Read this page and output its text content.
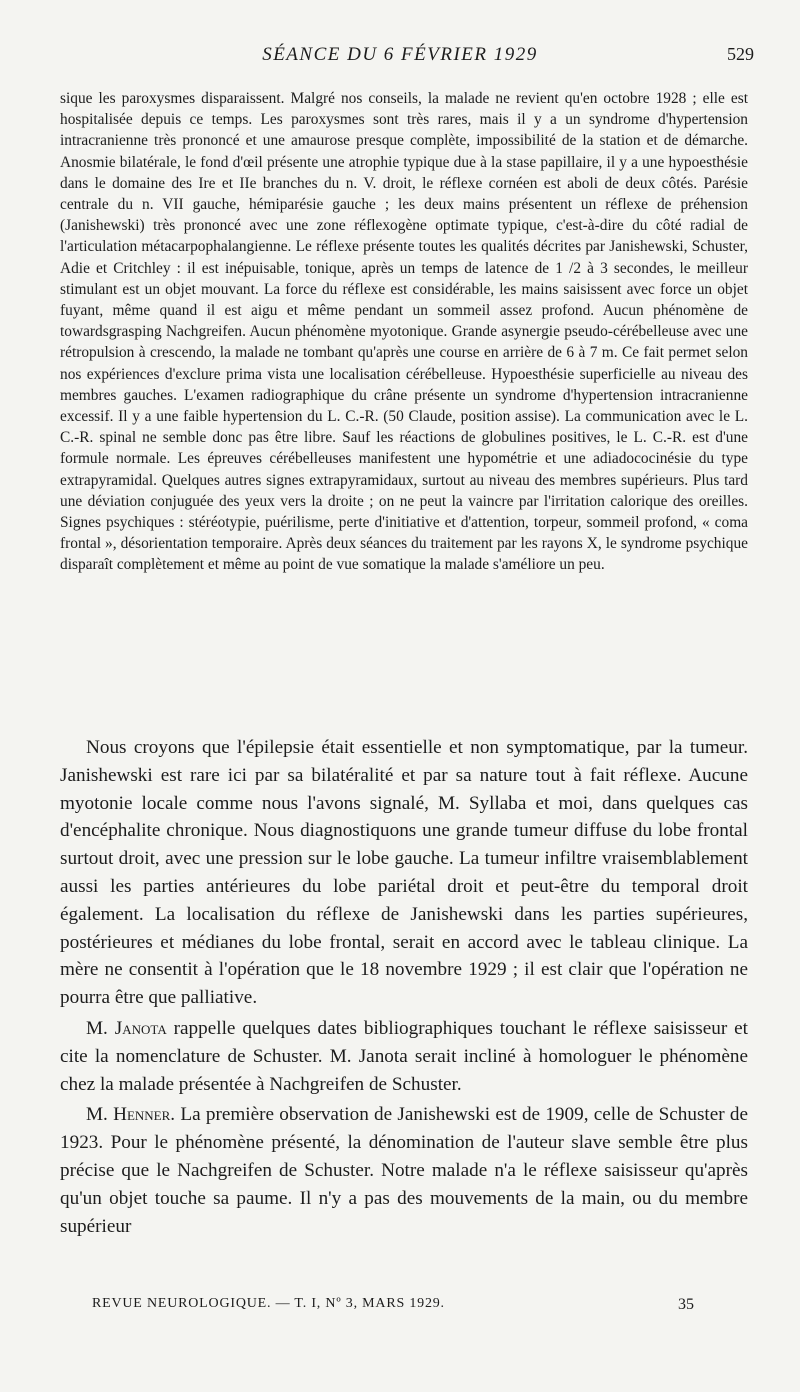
SÉANCE DU 6 FÉVRIER 1929	529

sique les paroxysmes disparaissent. Malgré nos conseils, la malade ne revient qu'en octobre 1928 ; elle est hospitalisée depuis ce temps. Les paroxysmes sont très rares, mais il y a un syndrome d'hypertension intracranienne très prononcé et une amaurose presque complète, impossibilité de la station et de démarche. Anosmie bilatérale, le fond d'œil présente une atrophie typique due à la stase papillaire, il y a une hypoesthésie dans le domaine des Ire et IIe branches du n. V. droit, le réflexe cornéen est aboli de deux côtés. Parésie centrale du n. VII gauche, hémiparésie gauche ; les deux mains présentent un réflexe de préhension (Janishewski) très prononcé avec une zone réflexogène optimate typique, c'est-à-dire du côté radial de l'articulation métacarpophalangienne. Le réflexe présente toutes les qualités décrites par Janishewski, Schuster, Adie et Critchley : il est inépuisable, tonique, après un temps de latence de 1 /2 à 3 secondes, le meilleur stimulant est un objet mouvant. La force du réflexe est considérable, les mains saisissent avec force un objet fuyant, même quand il est aigu et même pendant un sommeil assez profond. Aucun phénomène de towardsgrasping Nachgreifen. Aucun phénomène myotonique. Grande asynergie pseudo-cérébelleuse avec une rétropulsion à crescendo, la malade ne tombant qu'après une course en arrière de 6 à 7 m. Ce fait permet selon nos expériences d'exclure prima vista une localisation cérébelleuse. Hypoesthésie superficielle au niveau des membres gauches. L'examen radiographique du crâne présente un syndrome d'hypertension intracranienne excessif. Il y a une faible hypertension du L. C.-R. (50 Claude, position assise). La communication avec le L. C.-R. spinal ne semble donc pas être libre. Sauf les réactions de globulines positives, le L. C.-R. est d'une formule normale. Les épreuves cérébelleuses manifestent une hypométrie et une adiadococinésie du type extrapyramidal. Quelques autres signes extrapyramidaux, surtout au niveau des membres supérieurs. Plus tard une déviation conjuguée des yeux vers la droite ; on ne peut la vaincre par l'irritation calorique des oreilles. Signes psychiques : stéréotypie, puérilisme, perte d'initiative et d'attention, torpeur, sommeil profond, « coma frontal », désorientation temporaire. Après deux séances du traitement par les rayons X, le syndrome psychique disparaît complètement et même au point de vue somatique la malade s'améliore un peu.

Nous croyons que l'épilepsie était essentielle et non symptomatique, par la tumeur. Janishewski est rare ici par sa bilatéralité et par sa nature tout à fait réflexe. Aucune myotonie locale comme nous l'avons signalé, M. Syllaba et moi, dans quelques cas d'encéphalite chronique. Nous diagnostiquons une grande tumeur diffuse du lobe frontal surtout droit, avec une pression sur le lobe gauche. La tumeur infiltre vraisemblablement aussi les parties antérieures du lobe pariétal droit et peut-être du temporal droit également. La localisation du réflexe de Janishewski dans les parties supérieures, postérieures et médianes du lobe frontal, serait en accord avec le tableau clinique. La mère ne consentit à l'opération que le 18 novembre 1929 ; il est clair que l'opération ne pourra être que palliative.

M. Janota rappelle quelques dates bibliographiques touchant le réflexe saisisseur et cite la nomenclature de Schuster. M. Janota serait incliné à homologuer le phénomène chez la malade présentée à Nachgreifen de Schuster.

M. Henner. La première observation de Janishewski est de 1909, celle de Schuster de 1923. Pour le phénomène présenté, la dénomination de l'auteur slave semble être plus précise que le Nachgreifen de Schuster. Notre malade n'a le réflexe saisisseur qu'après qu'un objet touche sa paume. Il n'y a pas des mouvements de la main, ou du membre supérieur

REVUE NEUROLOGIQUE. — T. I, Nº 3, MARS 1929.	35
